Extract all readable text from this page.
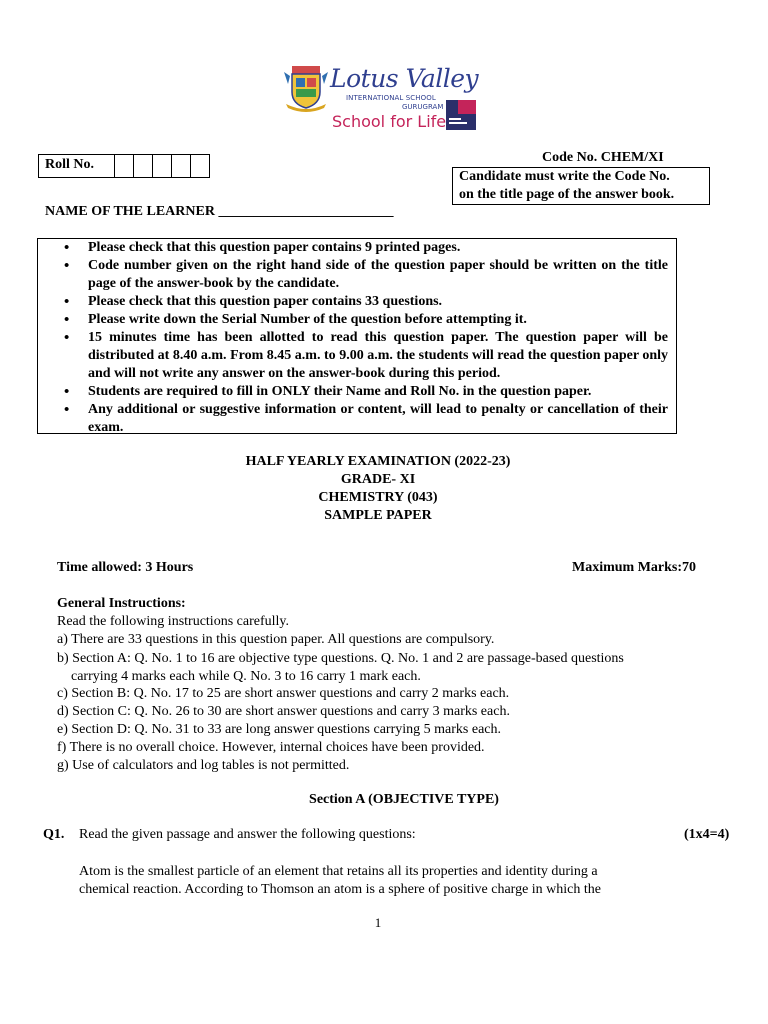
Lotus Valley
INTERNATIONAL SCHOOL
GURUGRAM
School for Life
Roll No.	Code No. CHEM/XI
Candidate must write the Code No.
on the title page of the answer book.
NAME OF THE LEARNER _________________________
• Please check that this question paper contains 9 printed pages.
• Code number given on the right hand side of the question paper should be written on the title page of the answer-book by the candidate.
• Please check that this question paper contains 33 questions.
• Please write down the Serial Number of the question before attempting it.
• 15 minutes time has been allotted to read this question paper. The question paper will be distributed at 8.40 a.m. From 8.45 a.m. to 9.00 a.m. the students will read the question paper only and will not write any answer on the answer-book during this period.
• Students are required to fill in ONLY their Name and Roll No. in the question paper.
• Any additional or suggestive information or content, will lead to penalty or cancellation of their exam.
HALF YEARLY EXAMINATION (2022-23)
GRADE- XI
CHEMISTRY (043)
SAMPLE PAPER
Time allowed: 3 Hours	Maximum Marks:70
General Instructions:
Read the following instructions carefully.
a) There are 33 questions in this question paper. All questions are compulsory.
b) Section A: Q. No. 1 to 16 are objective type questions. Q. No. 1 and 2 are passage-based questions
carrying 4 marks each while Q. No. 3 to 16 carry 1 mark each.
c) Section B: Q. No. 17 to 25 are short answer questions and carry 2 marks each.
d) Section C: Q. No. 26 to 30 are short answer questions and carry 3 marks each.
e) Section D: Q. No. 31 to 33 are long answer questions carrying 5 marks each.
f) There is no overall choice. However, internal choices have been provided.
g) Use of calculators and log tables is not permitted.
Section A (OBJECTIVE TYPE)
Q1. Read the given passage and answer the following questions:	(1x4=4)
Atom is the smallest particle of an element that retains all its properties and identity during a
chemical reaction. According to Thomson an atom is a sphere of positive charge in which the
1
